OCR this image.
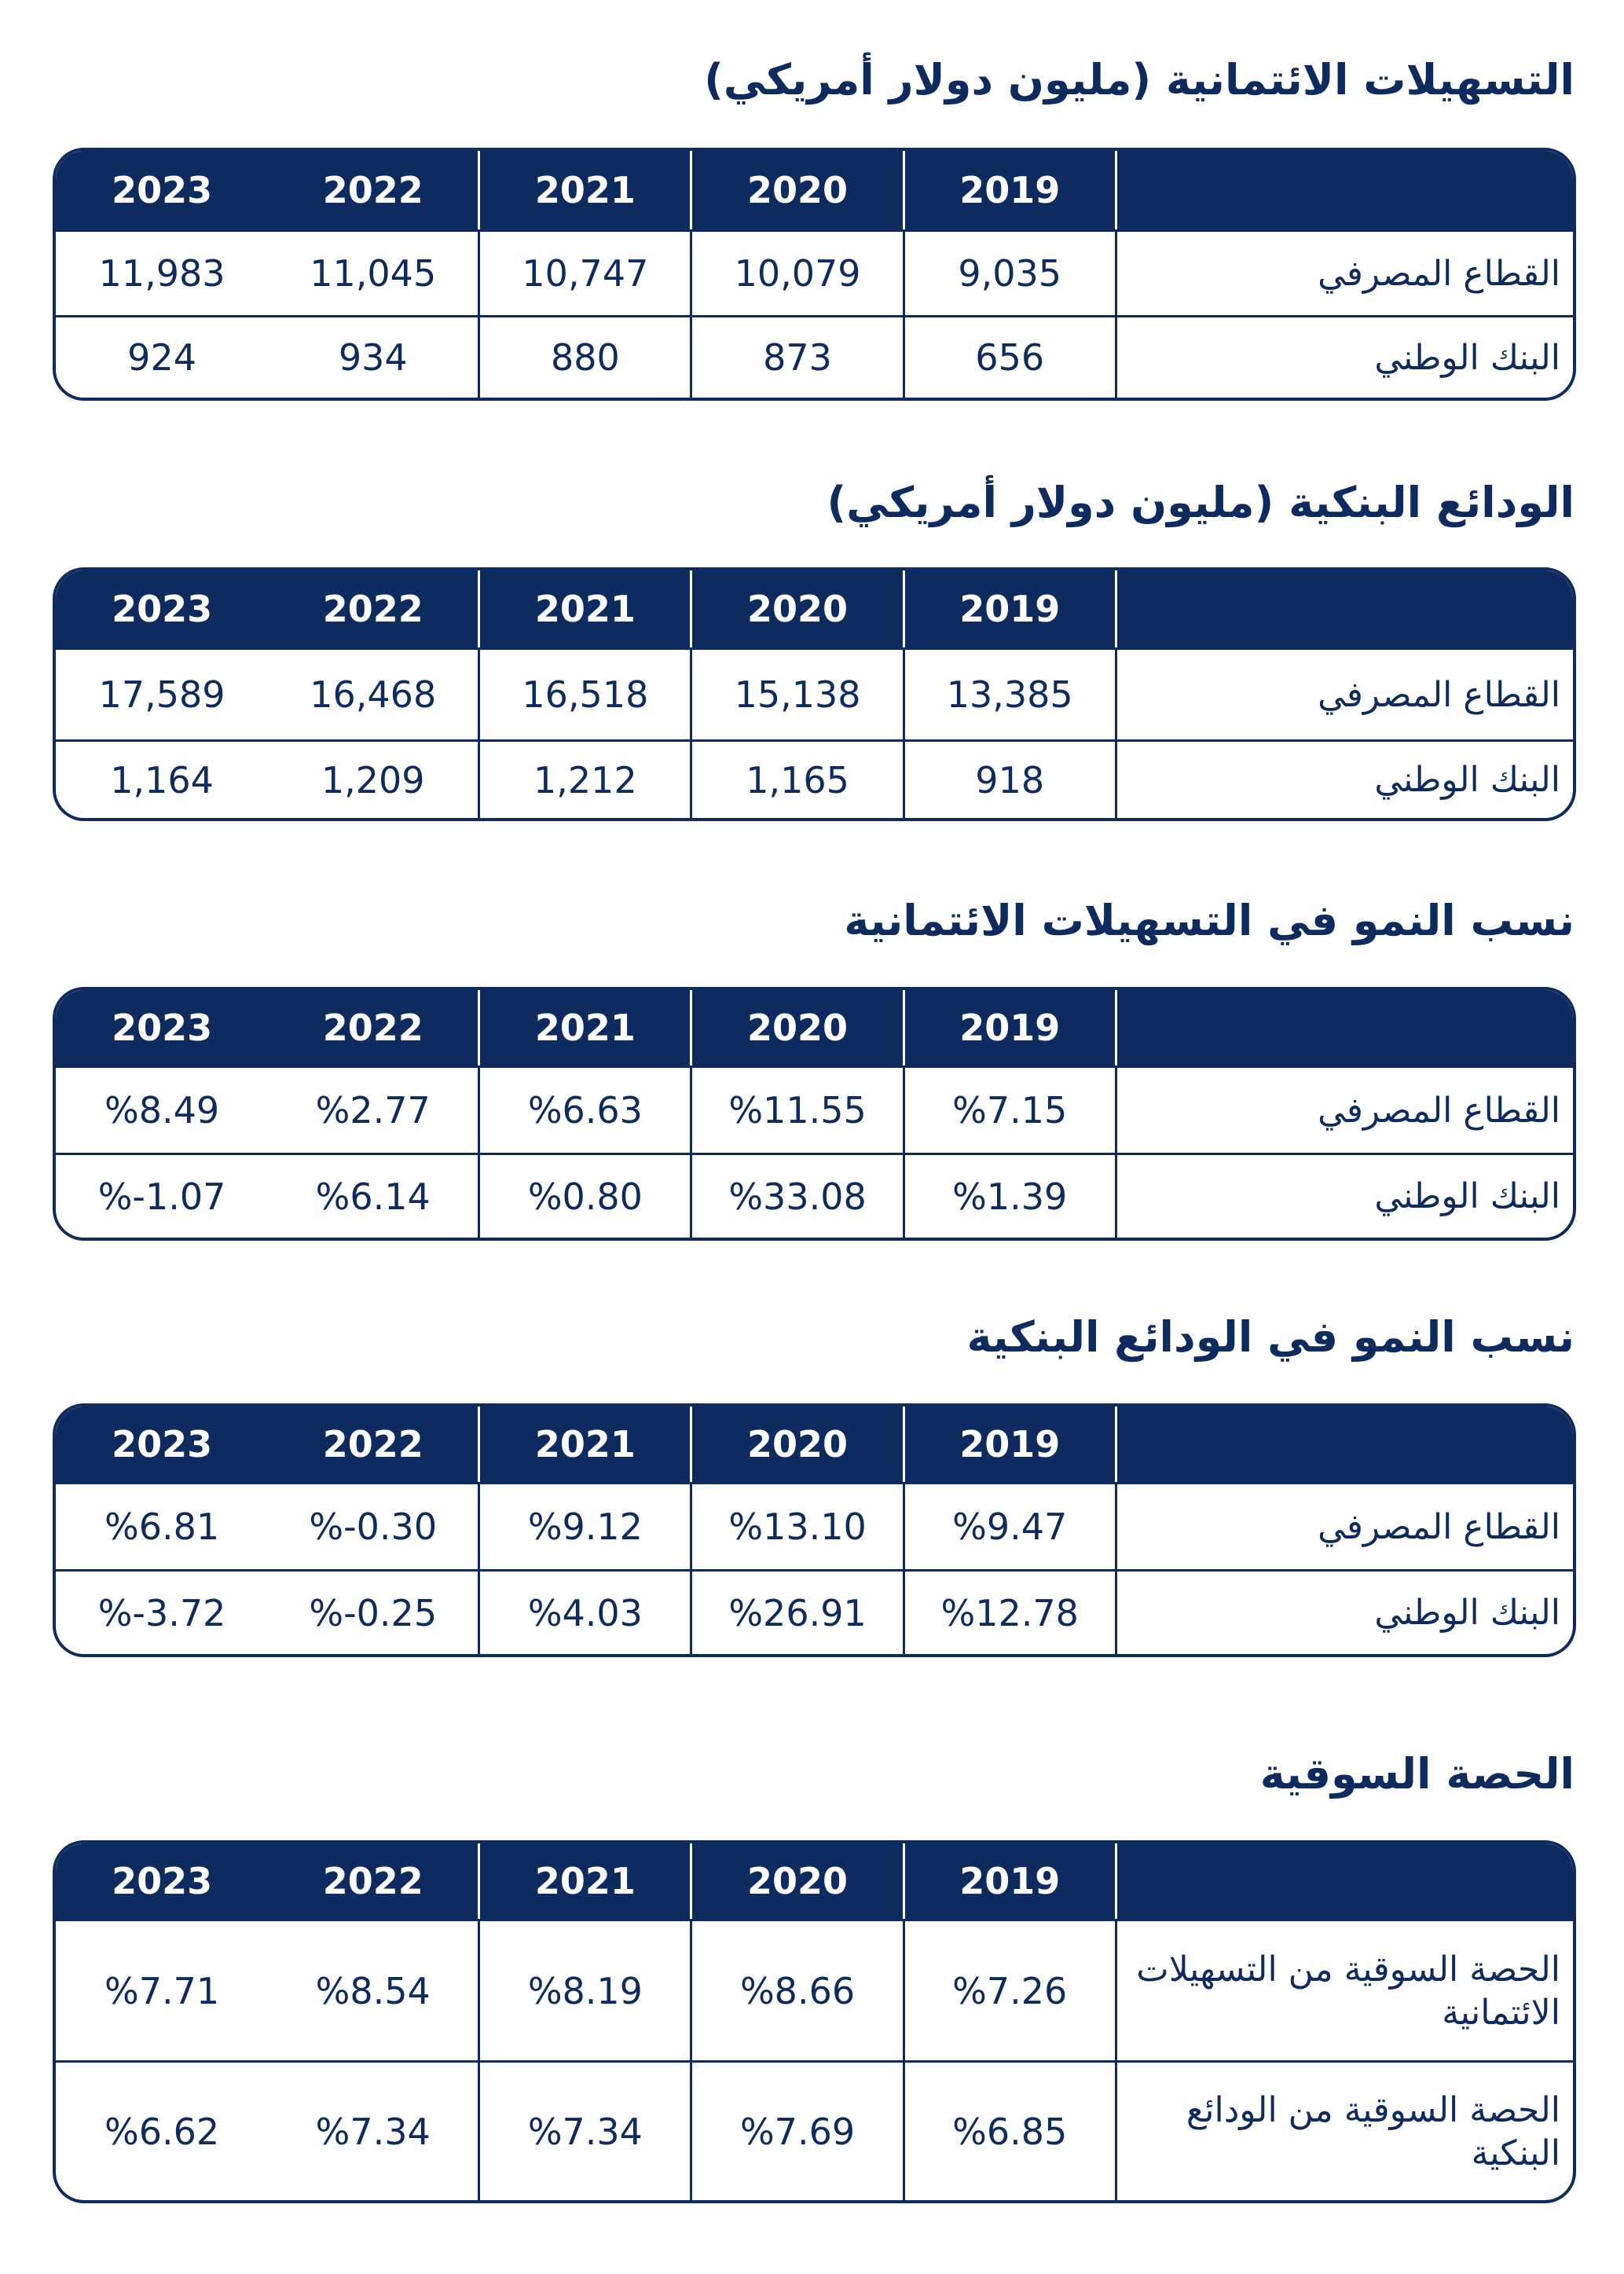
التسهيلات الائتمانية (مليون دولار أمريكي)
2019
2020
2021
2022
2023
القطاع المصرفي
9,035
10,079
10,747
11,045
11,983
البنك الوطني
656
873
880
934
924
الودائع البنكية (مليون دولار أمريكي)
2019
2020
2021
2022
2023
القطاع المصرفي
13,385
15,138
16,518
16,468
17,589
البنك الوطني
918
1,165
1,212
1,209
1,164
نسب النمو في التسهيلات الائتمانية
2019
2020
2021
2022
2023
القطاع المصرفي
%7.15
%11.55
%6.63
%2.77
%8.49
البنك الوطني
%1.39
%33.08
%0.80
%6.14
%-1.07
نسب النمو في الودائع البنكية
2019
2020
2021
2022
2023
القطاع المصرفي
%9.47
%13.10
%9.12
%-0.30
%6.81
البنك الوطني
%12.78
%26.91
%4.03
%-0.25
%-3.72
الحصة السوقية
2019
2020
2021
2022
2023
الحصة السوقية من التسهيلات الائتمانية
%7.26
%8.66
%8.19
%8.54
%7.71
الحصة السوقية من الودائع البنكية
%6.85
%7.69
%7.34
%7.34
%6.62
